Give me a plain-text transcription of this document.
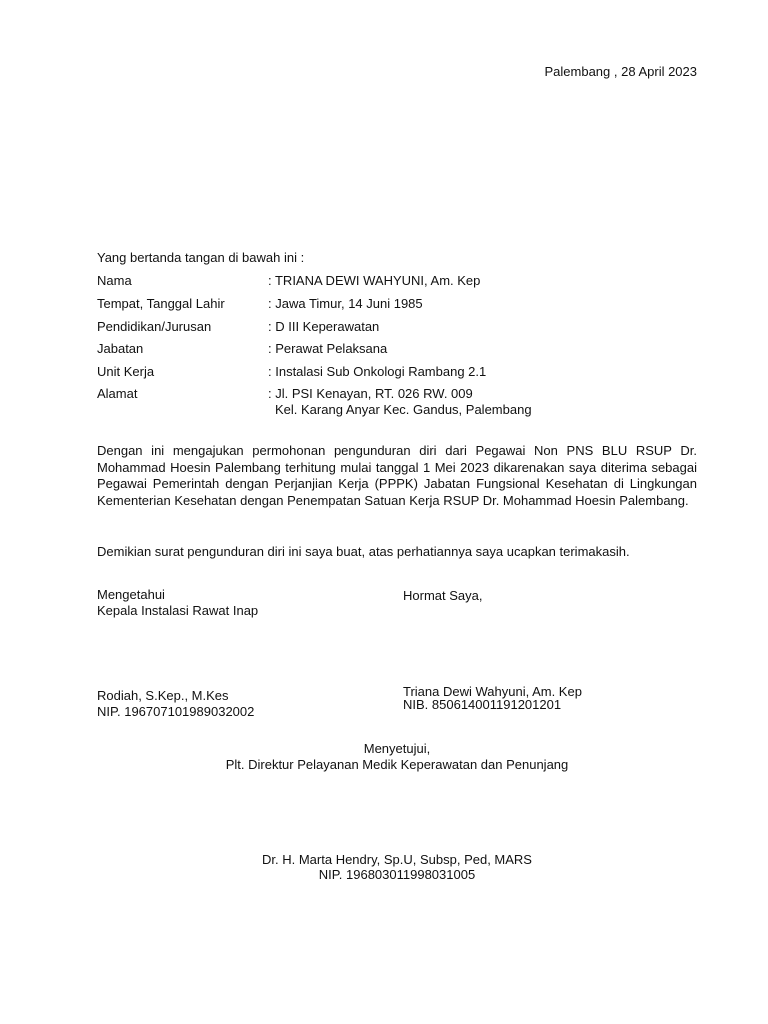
Palembang , 28 April 2023
Yang bertanda tangan di bawah ini :
Nama	: TRIANA DEWI WAHYUNI, Am. Kep
Tempat, Tanggal Lahir	: Jawa Timur, 14 Juni 1985
Pendidikan/Jurusan	: D III Keperawatan
Jabatan	: Perawat Pelaksana
Unit Kerja	: Instalasi Sub Onkologi Rambang 2.1
Alamat	: Jl. PSI Kenayan, RT. 026 RW. 009
Kel. Karang Anyar Kec. Gandus, Palembang
Dengan ini mengajukan permohonan pengunduran diri dari Pegawai Non PNS BLU RSUP Dr. Mohammad Hoesin Palembang terhitung mulai tanggal 1 Mei 2023 dikarenakan saya diterima sebagai Pegawai Pemerintah dengan Perjanjian Kerja (PPPK) Jabatan Fungsional Kesehatan di Lingkungan Kementerian Kesehatan dengan Penempatan Satuan Kerja RSUP Dr. Mohammad Hoesin Palembang.
Demikian surat pengunduran diri ini saya buat, atas perhatiannya saya ucapkan terimakasih.
Mengetahui
Kepala Instalasi Rawat Inap
Rodiah, S.Kep., M.Kes
NIP. 196707101989032002
Hormat Saya,
Triana Dewi Wahyuni, Am. Kep
NIB. 850614001191201201
Menyetujui,
Plt. Direktur Pelayanan Medik Keperawatan dan Penunjang
Dr. H. Marta Hendry, Sp.U, Subsp, Ped, MARS
NIP. 196803011998031005
